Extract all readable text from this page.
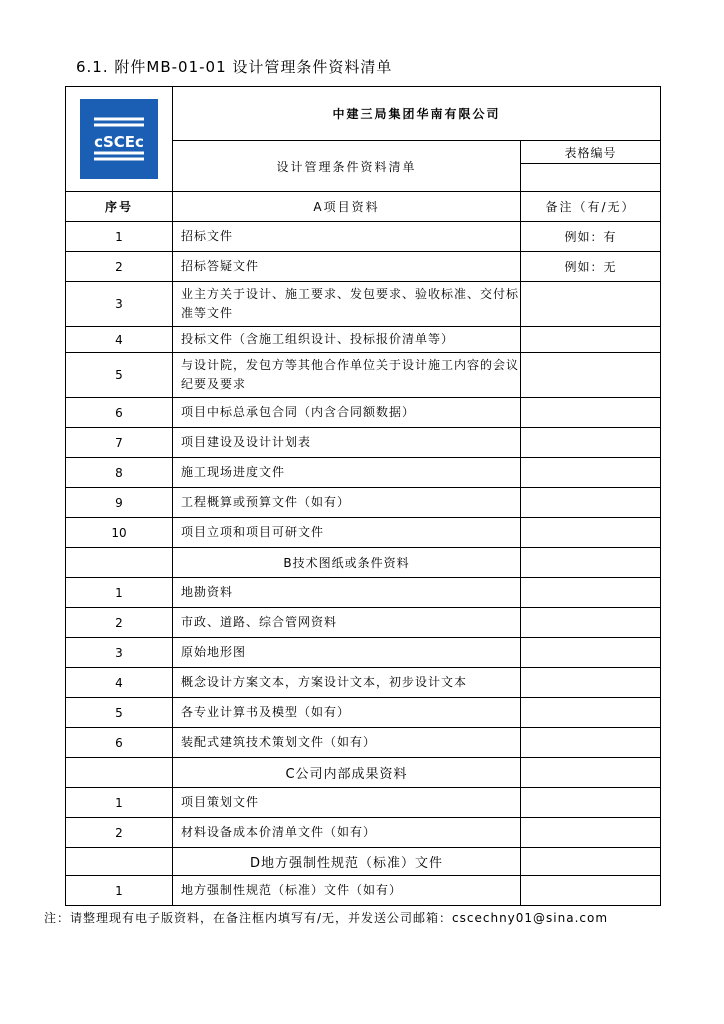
6.1. 附件MB-01-01 设计管理条件资料清单
cSCEc	中建三局集团华南有限公司	
	设计管理条件资料清单	表格编号

序号	A项目资料	备注（有/无）
1	招标文件	例如：有
2	招标答疑文件	例如：无
3	业主方关于设计、施工要求、发包要求、验收标准、交付标准等文件	
4	投标文件（含施工组织设计、投标报价清单等）	
5	与设计院，发包方等其他合作单位关于设计施工内容的会议纪要及要求	
6	项目中标总承包合同（内含合同额数据）	
7	项目建设及设计计划表	
8	施工现场进度文件	
9	工程概算或预算文件（如有）	
10	项目立项和项目可研文件	
	B技术图纸或条件资料	
1	地勘资料	
2	市政、道路、综合管网资料	
3	原始地形图	
4	概念设计方案文本，方案设计文本，初步设计文本	
5	各专业计算书及模型（如有）	
6	装配式建筑技术策划文件（如有）	
	C公司内部成果资料	
1	项目策划文件	
2	材料设备成本价清单文件（如有）	
	D地方强制性规范（标准）文件	
1	地方强制性规范（标准）文件（如有）	
注：请整理现有电子版资料，在备注框内填写有/无，并发送公司邮箱：cscechny01@sina.com
